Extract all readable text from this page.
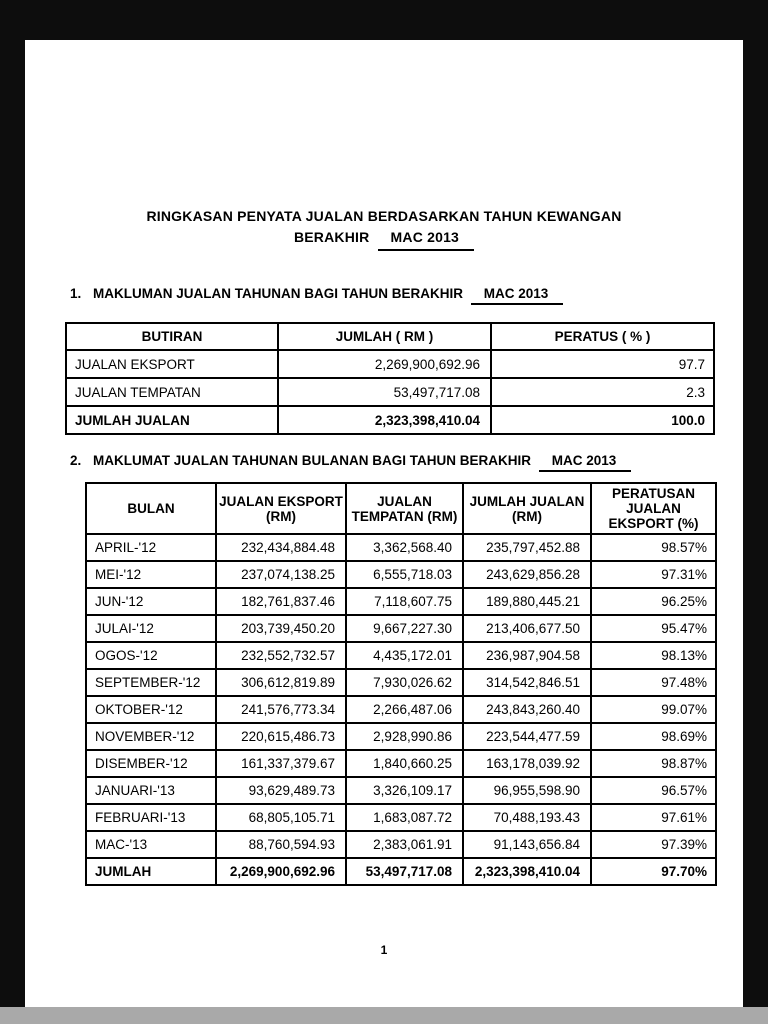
RINGKASAN PENYATA JUALAN BERDASARKAN TAHUN KEWANGAN
BERAKHIR MAC 2013
1. MAKLUMAN JUALAN TAHUNAN BAGI TAHUN BERAKHIR MAC 2013
BUTIRAN	JUMLAH ( RM )	PERATUS ( % )
JUALAN EKSPORT	2,269,900,692.96	97.7
JUALAN TEMPATAN	53,497,717.08	2.3
JUMLAH JUALAN	2,323,398,410.04	100.0
2. MAKLUMAT JUALAN TAHUNAN BULANAN BAGI TAHUN BERAKHIR MAC 2013
BULAN	JUALAN EKSPORT (RM)	JUALAN TEMPATAN (RM)	JUMLAH JUALAN (RM)	PERATUSAN JUALAN EKSPORT (%)
APRIL-'12	232,434,884.48	3,362,568.40	235,797,452.88	98.57%
MEI-'12	237,074,138.25	6,555,718.03	243,629,856.28	97.31%
JUN-'12	182,761,837.46	7,118,607.75	189,880,445.21	96.25%
JULAI-'12	203,739,450.20	9,667,227.30	213,406,677.50	95.47%
OGOS-'12	232,552,732.57	4,435,172.01	236,987,904.58	98.13%
SEPTEMBER-'12	306,612,819.89	7,930,026.62	314,542,846.51	97.48%
OKTOBER-'12	241,576,773.34	2,266,487.06	243,843,260.40	99.07%
NOVEMBER-'12	220,615,486.73	2,928,990.86	223,544,477.59	98.69%
DISEMBER-'12	161,337,379.67	1,840,660.25	163,178,039.92	98.87%
JANUARI-'13	93,629,489.73	3,326,109.17	96,955,598.90	96.57%
FEBRUARI-'13	68,805,105.71	1,683,087.72	70,488,193.43	97.61%
MAC-'13	88,760,594.93	2,383,061.91	91,143,656.84	97.39%
JUMLAH	2,269,900,692.96	53,497,717.08	2,323,398,410.04	97.70%
1
